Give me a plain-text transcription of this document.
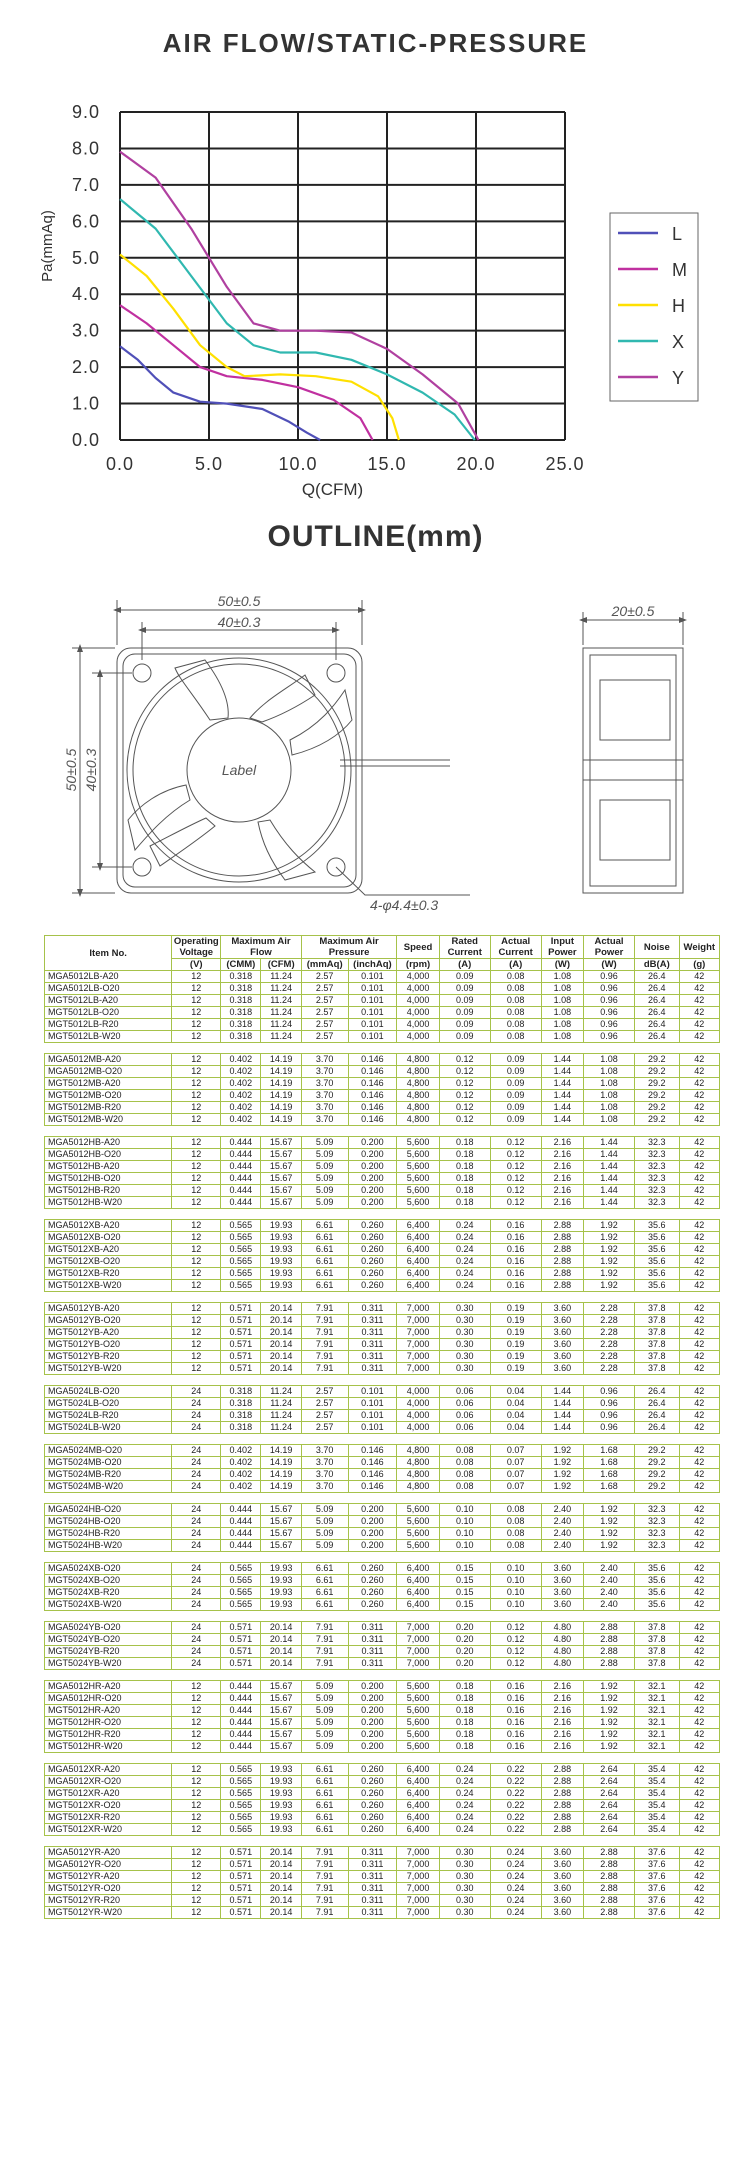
AIR FLOW/STATIC-PRESSURE
0.0	5.0	10.0	15.0	20.0	25.0
0.0
1.0
2.0
3.0
4.0
5.0
6.0
7.0
8.0
9.0
Q(CFM)
Pa(mmAq)	L
M
H
X
Y
OUTLINE(mm)
50±0.5
40±0.3
50±0.5 40±0.3
20±0.5
4-φ4.4±0.3
Label
Item No.	Operating Voltage	Maximum Air Flow		Maximum Air Pressure		Speed	Rated Current	Actual Current	Input Power	Actual Power	Noise	Weight
	(V)	(CMM)	(CFM)	(mmAq)	(inchAq)	(rpm)	(A)	(A)	(W)	(W)	dB(A)	(g)
MGA5012LB-A20	12	0.318	11.24	2.57	0.101	4,000	0.09	0.08	1.08	0.96	26.4	42
MGA5012LB-O20	12	0.318	11.24	2.57	0.101	4,000	0.09	0.08	1.08	0.96	26.4	42
MGT5012LB-A20	12	0.318	11.24	2.57	0.101	4,000	0.09	0.08	1.08	0.96	26.4	42
MGT5012LB-O20	12	0.318	11.24	2.57	0.101	4,000	0.09	0.08	1.08	0.96	26.4	42
MGT5012LB-R20	12	0.318	11.24	2.57	0.101	4,000	0.09	0.08	1.08	0.96	26.4	42
MGT5012LB-W20	12	0.318	11.24	2.57	0.101	4,000	0.09	0.08	1.08	0.96	26.4	42

MGA5012MB-A20	12	0.402	14.19	3.70	0.146	4,800	0.12	0.09	1.44	1.08	29.2	42
MGA5012MB-O20	12	0.402	14.19	3.70	0.146	4,800	0.12	0.09	1.44	1.08	29.2	42
MGT5012MB-A20	12	0.402	14.19	3.70	0.146	4,800	0.12	0.09	1.44	1.08	29.2	42
MGT5012MB-O20	12	0.402	14.19	3.70	0.146	4,800	0.12	0.09	1.44	1.08	29.2	42
MGT5012MB-R20	12	0.402	14.19	3.70	0.146	4,800	0.12	0.09	1.44	1.08	29.2	42
MGT5012MB-W20	12	0.402	14.19	3.70	0.146	4,800	0.12	0.09	1.44	1.08	29.2	42

MGA5012HB-A20	12	0.444	15.67	5.09	0.200	5,600	0.18	0.12	2.16	1.44	32.3	42
MGA5012HB-O20	12	0.444	15.67	5.09	0.200	5,600	0.18	0.12	2.16	1.44	32.3	42
MGT5012HB-A20	12	0.444	15.67	5.09	0.200	5,600	0.18	0.12	2.16	1.44	32.3	42
MGT5012HB-O20	12	0.444	15.67	5.09	0.200	5,600	0.18	0.12	2.16	1.44	32.3	42
MGT5012HB-R20	12	0.444	15.67	5.09	0.200	5,600	0.18	0.12	2.16	1.44	32.3	42
MGT5012HB-W20	12	0.444	15.67	5.09	0.200	5,600	0.18	0.12	2.16	1.44	32.3	42

MGA5012XB-A20	12	0.565	19.93	6.61	0.260	6,400	0.24	0.16	2.88	1.92	35.6	42
MGA5012XB-O20	12	0.565	19.93	6.61	0.260	6,400	0.24	0.16	2.88	1.92	35.6	42
MGT5012XB-A20	12	0.565	19.93	6.61	0.260	6,400	0.24	0.16	2.88	1.92	35.6	42
MGT5012XB-O20	12	0.565	19.93	6.61	0.260	6,400	0.24	0.16	2.88	1.92	35.6	42
MGT5012XB-R20	12	0.565	19.93	6.61	0.260	6,400	0.24	0.16	2.88	1.92	35.6	42
MGT5012XB-W20	12	0.565	19.93	6.61	0.260	6,400	0.24	0.16	2.88	1.92	35.6	42

MGA5012YB-A20	12	0.571	20.14	7.91	0.311	7,000	0.30	0.19	3.60	2.28	37.8	42
MGA5012YB-O20	12	0.571	20.14	7.91	0.311	7,000	0.30	0.19	3.60	2.28	37.8	42
MGT5012YB-A20	12	0.571	20.14	7.91	0.311	7,000	0.30	0.19	3.60	2.28	37.8	42
MGT5012YB-O20	12	0.571	20.14	7.91	0.311	7,000	0.30	0.19	3.60	2.28	37.8	42
MGT5012YB-R20	12	0.571	20.14	7.91	0.311	7,000	0.30	0.19	3.60	2.28	37.8	42
MGT5012YB-W20	12	0.571	20.14	7.91	0.311	7,000	0.30	0.19	3.60	2.28	37.8	42

MGA5024LB-O20	24	0.318	11.24	2.57	0.101	4,000	0.06	0.04	1.44	0.96	26.4	42
MGT5024LB-O20	24	0.318	11.24	2.57	0.101	4,000	0.06	0.04	1.44	0.96	26.4	42
MGT5024LB-R20	24	0.318	11.24	2.57	0.101	4,000	0.06	0.04	1.44	0.96	26.4	42
MGT5024LB-W20	24	0.318	11.24	2.57	0.101	4,000	0.06	0.04	1.44	0.96	26.4	42

MGA5024MB-O20	24	0.402	14.19	3.70	0.146	4,800	0.08	0.07	1.92	1.68	29.2	42
MGT5024MB-O20	24	0.402	14.19	3.70	0.146	4,800	0.08	0.07	1.92	1.68	29.2	42
MGT5024MB-R20	24	0.402	14.19	3.70	0.146	4,800	0.08	0.07	1.92	1.68	29.2	42
MGT5024MB-W20	24	0.402	14.19	3.70	0.146	4,800	0.08	0.07	1.92	1.68	29.2	42

MGA5024HB-O20	24	0.444	15.67	5.09	0.200	5,600	0.10	0.08	2.40	1.92	32.3	42
MGT5024HB-O20	24	0.444	15.67	5.09	0.200	5,600	0.10	0.08	2.40	1.92	32.3	42
MGT5024HB-R20	24	0.444	15.67	5.09	0.200	5,600	0.10	0.08	2.40	1.92	32.3	42
MGT5024HB-W20	24	0.444	15.67	5.09	0.200	5,600	0.10	0.08	2.40	1.92	32.3	42

MGA5024XB-O20	24	0.565	19.93	6.61	0.260	6,400	0.15	0.10	3.60	2.40	35.6	42
MGT5024XB-O20	24	0.565	19.93	6.61	0.260	6,400	0.15	0.10	3.60	2.40	35.6	42
MGT5024XB-R20	24	0.565	19.93	6.61	0.260	6,400	0.15	0.10	3.60	2.40	35.6	42
MGT5024XB-W20	24	0.565	19.93	6.61	0.260	6,400	0.15	0.10	3.60	2.40	35.6	42

MGA5024YB-O20	24	0.571	20.14	7.91	0.311	7,000	0.20	0.12	4.80	2.88	37.8	42
MGT5024YB-O20	24	0.571	20.14	7.91	0.311	7,000	0.20	0.12	4.80	2.88	37.8	42
MGT5024YB-R20	24	0.571	20.14	7.91	0.311	7,000	0.20	0.12	4.80	2.88	37.8	42
MGT5024YB-W20	24	0.571	20.14	7.91	0.311	7,000	0.20	0.12	4.80	2.88	37.8	42

MGA5012HR-A20	12	0.444	15.67	5.09	0.200	5,600	0.18	0.16	2.16	1.92	32.1	42
MGA5012HR-O20	12	0.444	15.67	5.09	0.200	5,600	0.18	0.16	2.16	1.92	32.1	42
MGT5012HR-A20	12	0.444	15.67	5.09	0.200	5,600	0.18	0.16	2.16	1.92	32.1	42
MGT5012HR-O20	12	0.444	15.67	5.09	0.200	5,600	0.18	0.16	2.16	1.92	32.1	42
MGT5012HR-R20	12	0.444	15.67	5.09	0.200	5,600	0.18	0.16	2.16	1.92	32.1	42
MGT5012HR-W20	12	0.444	15.67	5.09	0.200	5,600	0.18	0.16	2.16	1.92	32.1	42

MGA5012XR-A20	12	0.565	19.93	6.61	0.260	6,400	0.24	0.22	2.88	2.64	35.4	42
MGA5012XR-O20	12	0.565	19.93	6.61	0.260	6,400	0.24	0.22	2.88	2.64	35.4	42
MGT5012XR-A20	12	0.565	19.93	6.61	0.260	6,400	0.24	0.22	2.88	2.64	35.4	42
MGT5012XR-O20	12	0.565	19.93	6.61	0.260	6,400	0.24	0.22	2.88	2.64	35.4	42
MGT5012XR-R20	12	0.565	19.93	6.61	0.260	6,400	0.24	0.22	2.88	2.64	35.4	42
MGT5012XR-W20	12	0.565	19.93	6.61	0.260	6,400	0.24	0.22	2.88	2.64	35.4	42

MGA5012YR-A20	12	0.571	20.14	7.91	0.311	7,000	0.30	0.24	3.60	2.88	37.6	42
MGA5012YR-O20	12	0.571	20.14	7.91	0.311	7,000	0.30	0.24	3.60	2.88	37.6	42
MGT5012YR-A20	12	0.571	20.14	7.91	0.311	7,000	0.30	0.24	3.60	2.88	37.6	42
MGT5012YR-O20	12	0.571	20.14	7.91	0.311	7,000	0.30	0.24	3.60	2.88	37.6	42
MGT5012YR-R20	12	0.571	20.14	7.91	0.311	7,000	0.30	0.24	3.60	2.88	37.6	42
MGT5012YR-W20	12	0.571	20.14	7.91	0.311	7,000	0.30	0.24	3.60	2.88	37.6	42
